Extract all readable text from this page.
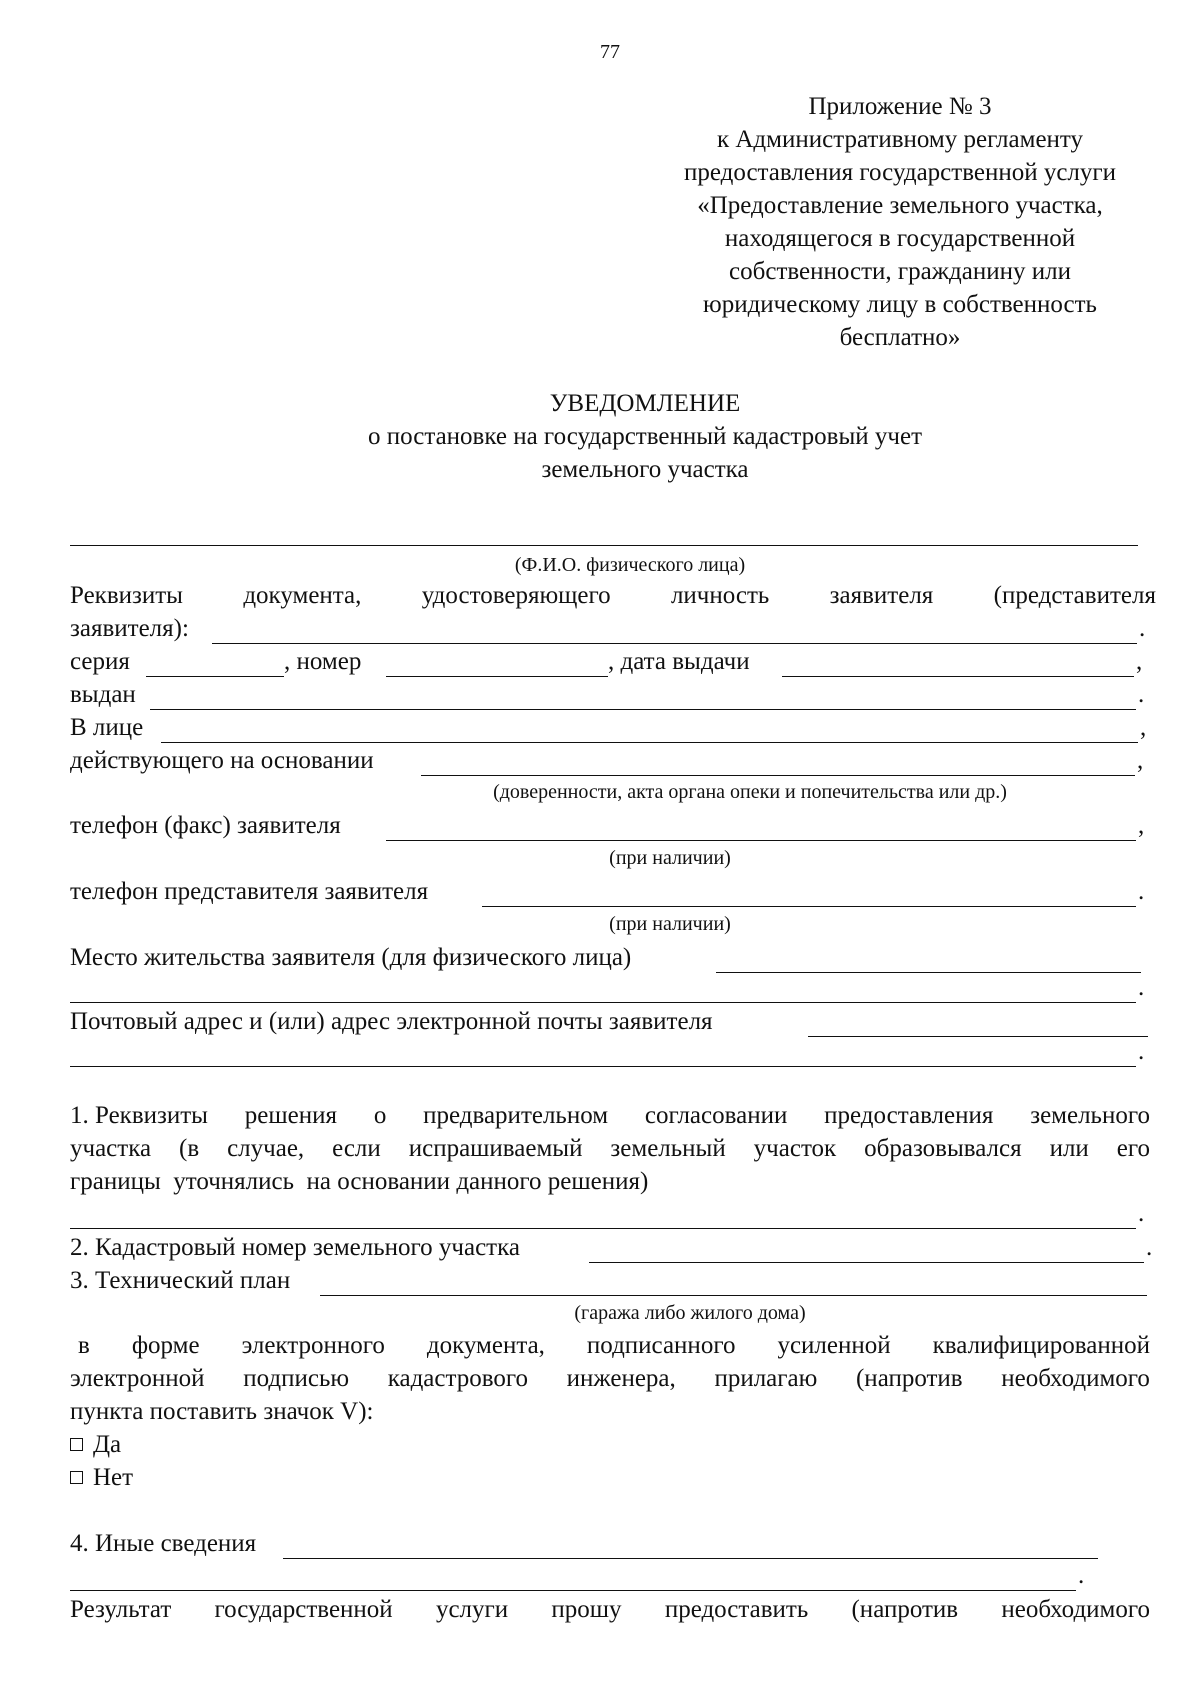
77
Приложение № 3
к Административному регламенту
предоставления государственной услуги
«Предоставление земельного участка,
находящегося в государственной
собственности, гражданину или
юридическому лицу в собственность
бесплатно»
УВЕДОМЛЕНИЕ
о постановке на государственный кадастровый учет
земельного участка
(Ф.И.О. физического лица)
Реквизиты документа, удостоверяющего личность заявителя (представителя
заявителя):	.
серия	, номер	, дата выдачи	,
выдан	.
В лице	,
действующего на основании	,
(доверенности, акта органа опеки и попечительства или др.)
телефон (факс) заявителя	,
(при наличии)
телефон представителя заявителя	.
(при наличии)
Место жительства заявителя (для физического лица)
.
Почтовый адрес и (или) адрес электронной почты заявителя
.
1. Реквизиты решения о предварительном согласовании предоставления земельного
участка (в случае, если испрашиваемый земельный участок образовывался или его
границы  уточнялись  на основании данного решения)
.
2. Кадастровый номер земельного участка	.
3. Технический план
(гаража либо жилого дома)
в форме электронного документа, подписанного усиленной квалифицированной
электронной подписью кадастрового инженера, прилагаю (напротив необходимого
пункта поставить значок V):
Да
Нет
4. Иные сведения
.
Результат государственной услуги прошу предоставить (напротив необходимого
